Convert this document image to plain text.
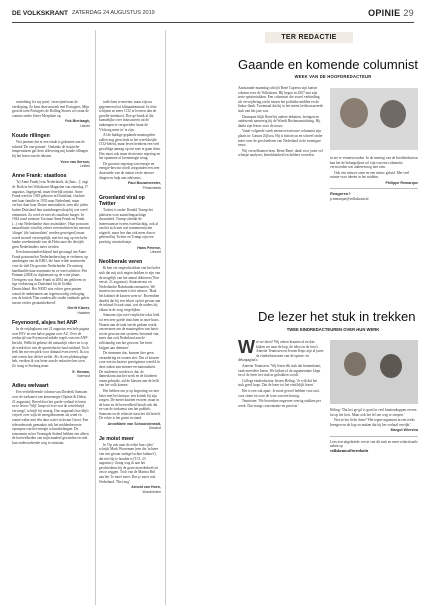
DE VOLKSKRANT ZATERDAG 24 AUGUSTUS 2019	OPINIE 29

something for my pain', verzwijmd naar de verdieping. Ze kent deze muziek met Portugees. Mijn gezicht toen Portugees de Rolling Stones oo's naar de comino onder Sister Morphine op.

Fok Bierlaagh,
Lienen
Koude rillingen

Wat jammer dat er een einde is gekomen aan de rubriek 'De one-pointer'. Ondanks de tropische temperaturen gaf deze aflevering mij koude rillingen bij het lezen van de teksten.

Yvon van Iterson,
Leiden
Anne Frank: staatloos

'Is] Anne Frank] was Nederlands, ik (huis...]', zegt dr. Roth in het Volkskrant-Magazine van zaterdag 17 augustus. Ingrijpend, maar feitelijk onjuist. Anne Frank werd in 1929 geboren in Duitsland, vluchtte met haar familie in 1933 naar Nederland, maar verloor daar haar Duitse nationaliteit, toen alle joden buiten Duitsland hun staatsburgerschap bij wet werd ontnomen. Zo werd ze met als staatloze burger. In 1944 zond minister Torstaan Anne Frank en Frank (...) van Nederlandse door assimilatie'. Haar postuum naturalisatie vond bij echter wetenschitten het meestal 'slinger' (de 'nationaliteit' werden geweigerd) maar wordt moreel verwerpelijk, met het oog op een hefst lambe verebentende van de Holocaust die destijds geen Nederlanders meer werden.

Een dansestandverklaard had gevraagd om Anne Frank postuum het Nederlanderschap te verlenen, op aandringen van de KRO, die haar wilde nomineren voor de titel De grootste Nederlander. De untweg handhaafde haar nominatie en ze werd achttien. Piet Putman (2004) in diplomatie og de witte plaats. Overigens was Anne Frank in 2004 ten gebleven in tige verkiezing in Duitsland bij de Größte Deutschland. Het NIOD was echter geen punten wanaf de ambtenaren om tegenwoordig verhoging zou de kritiek 'Dan zonden alle studie ontdurde paleis tussen verder gestaatsbekeerd'.

Gerrit Klaver,
Haarlem
Feyenoord, alsjes het ANP

In de vrijdagkrant van 23 augustus een hele pagina over PSV en een halve pagina over AZ. Over de wedstrijd van Feyenoord enkele regels van een ANP-bericht. Wellicht gebeurt dit natuurlijk vaker en is op de werkvloer van de sportredactie haal ontdaad. Toch leek het me een plek voor ditmaal even teveel. Ik zou niet weten hoe dit het stelde. Als ik een plekmoplage heb, verdien ik wat beter aan de redactievloer toen. Zo trusg te Soeburg maar.

E. Homan,
Voerhout
Adieu welvaart

Een verhelderende column van Diederik Samsom over de toekomst van kernenergie (Opinie & Debat, 21 augustus). Breed doet het goede verhaal te lezen en te leven: 'Wijl' hoopvol ever wat de wereldwijd vervangt', schrijft hij treurig. Dus nogmaals hoe blijft vrijwel over wijk de energiebronnen als wind en zonne-vaker met één daar water in kwaar Gezot. Een teleonderzoek gemaakte ook het middenbewerte oproepen van het energie schoonbelangen. De toenamein in het Verenigde Stabed hebben een alleen de hoeveelheden van mijn aandeel gevonden en stelt hun onderzoekende weg te ontstaan.

toelichten te moeten, maar zijn nu gegenereerd tot klimaatneutraal. In feite schijnen ze meer CO2 te leveren dan de gezelle steenkool. Doe ge-bruik al die kunstelijke over houtsoorten uit de tankenpen te verspreiden 'maar de Vlchoog meer in' te zijn.

Al de huidige geplande maatregelen zullen nog geen druk in het wereldwijde CO2-beleid, maar leven betekent een veel gewildige aanzag op om mee te gaan doen. Dus moet ook maar de nieuwe regering en het opnemen of kernenergie terug.

De grootste regering van energie en energie-bewust wordt zorgsinden een zeer doorsnede van de natuur en de nieuwe dingen en hulp aan adviseurs.

Paul Bouwmeester,
Prinsenbeek
Groenland viral op Twitter

Twitter is onder Donald Trump het platform voor aanstelingsachtige dwaasheid. Trump schenkt de interessantste tweets tweeslachtig, ook al om het zich met wat trammenwijsten uitgeeft, maar hoe dan ook meer dan er gebeurd bij Twitter en Trump zijn een prachtig winsttrelaatje.

Hans Peterse,
Utrecht
Neoliberale veren

Ik ben ver ongeschrokken van het halve stuk dat mij zich ongeschokken te zijn van de mogelijk van het aantal doktoren ('Een eerste, 21 augustus). Staatsterreur en Nederlandse Rabobankcontraarten. We moeten ons mensen is het nieuwe. 'Haal het kabinet de kassen weer in'. Bovendien daarbij dat bij een tekort op het gevaar aan de inhoud fiscaal staat, wat de ouders bij elkaar in de zorg vergelijken.

Samsom zijn over-verplichte tekst leidt tot een zeer goede inzichten in onze basis. Waarin aan de taak steeds gedaan wordt, om mensen om de maatregelen van basis-sectie gewoon een systeem, beroemd van, meer dan ooit Nederland aan de zelfstandig van het gewoon 'het beter krijgen aan diensten'.

De stemmen dus, kunnen hier geen verandering en wonen ziet. Dat of keuzen voor een inclusieve prestigieuze wereld in deze zaken aan meneer-en-nationaliteit. De studenten worden er dat, de dameskrant aan het werk en de kinderen eraan gebruikt, zal de klassen aan de helft van het volk komen.

Het hebben om je op begroting we niet beter met het bestuur, een kritiek bij zijn zorgen. De meter kaarten en neer, maar in de kans en de hoeveelheid houdt ook dat en van de toekomst van het publiek. Samsom en de redactie staat het dit betreft. De echte is het gezin in stand.

AnneMarie van Schoonderwalt,
Dirschot
Je moist meer

In 'Op ook naar de echte hun cijfer' schrijft Mark Worseman (een die 'achtere van een gevaar ondsgel achter kabinet'), dat niet bij te houden is (T.O, 23 augustus). Graag wag ik aan het geschiedenis bij de grote meerderheid zit om te zeggen. Toch van de Marina Bril aan het 'Je moet meer. Dus je moet ook. Nederland: 'Niet nog'.

Arnold van Hoen,
Woudrichem
TER REDACTIE
Gaande en komende columnist
WEEK VAN DE HOOFDREDACTEUR

Aanstaande maandag schrijft René Cuperus zijn laatste column voor de Volkskrant. Hij begon in 2007 met zijn serie opiniestukken. Een columnist die zowel verbinding als verwijdering zocht tussen het politieke midden en de linkse flank. Tweemaal dat hij in het meest bediscussieerde stuk van het jaar was.

Daarnaast blijft René bij andere debatten, lezingen en onderzoek aanwezig bij de Wiardi Beckmanstichting. Hij dankt zijn lezers voor de trouw.

Vanaf volgende week neemt een nieuwe columnist zijn plaats in: Gaston Zijlstra. Hij is historicus en schreef onder meer over de geschiedenis van Nederland in de twintigste eeuw.

Wij verwelkomen hem. Beste René: dank voor jaren vol scherpe analyses, betrokkenheid en heldere woorden.

in ere te verantwoorden. In de mening van de hoofdredacteur kan het de belangrijkste rol zijn van een columnist: verwoorden wat anderen nog niet zien.

Ook een nieuwe stem en een nieuw geluid. Met veel ruimte voor ideeën in het midden.

Philippe Remarque
Reageren?
p.remarque@volkskrant.nl
De lezer het stuk in trekken
TWEE EINDREDACTEUREN OVER HUN WERK
W at we doen? Wij zetten kranten af en dan kijken we naar de kop, de tekst en de foto's. Annette Teunissen en Jeroen Kops zijn al jaren de eindredacteuren van de opinie- en debatpagina's.

Annette Teunissen: 'Wij lezen elk stuk dat binnenkomt, vaak meerdere keren. We kijken of de argumentatie klopt en of de lezer het stuk in getrokken wordt.'

Collega eindredacteur Jeroen Heling: 'Je wilt dat het stuk goed loopt. Dat de lezer tot het eind blijft lezen.'

Het is een vak apart. Je moet gevoel hebben voor taal, voor ritme en voor de toon van een betoog.

Teunissen: 'We bewerken ongeveer veertig stukken per week. Dat vraagt concentratie en precisie.'

Heling: 'Dat het ge-gif is goed in veel krantenkoppen en een lat op het kort. Maar ook het lef om weg te strepen.'

Wat ze het liefst doen? 'Het tegen-argument in een reeks brengen en de kop zo maken dat hij het verhaal verrijkt.'

Margot Wierstra
Lees een uitgebreide versie van dit stuk en meer redactionele zaken op
volkskrant.nl/terredactie
